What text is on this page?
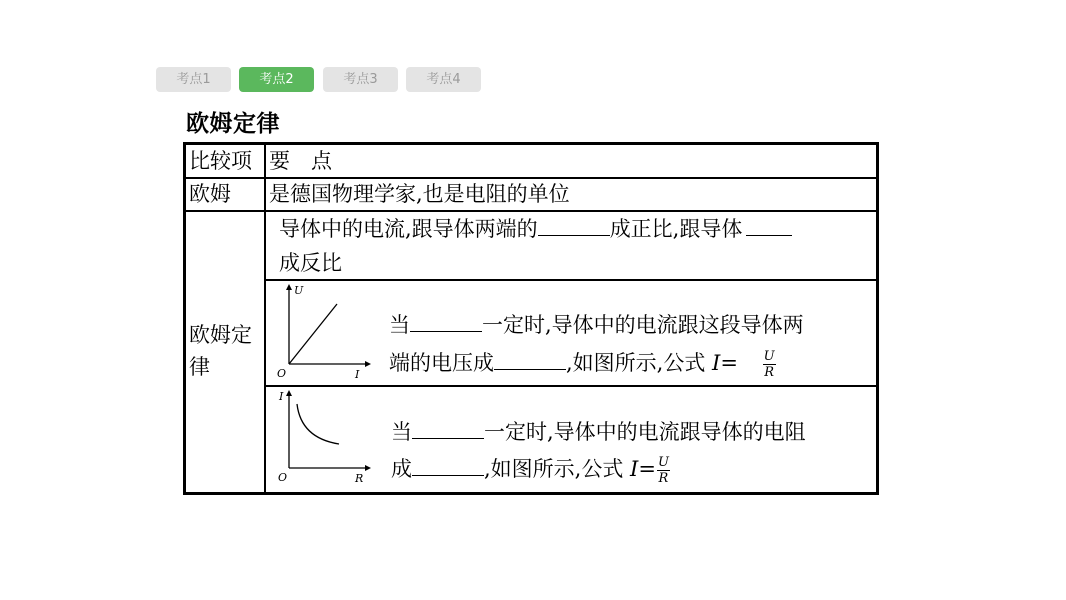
考点1	考点2	考点3	考点4
欧姆定律
比较项 要　点
欧姆 是德国物理学家,也是电阻的单位
欧姆定
律
导体中的电流,跟导体两端的	成正比,跟导体
成反比
U
I
O
当	一定时,导体中的电流跟这段导体两
端的电压成	,如图所示,公式 $I= \frac{U}{R}$
I
R
O
当	一定时,导体中的电流跟导体的电阻
成	,如图所示,公式 $I= \frac{U}{R}$
